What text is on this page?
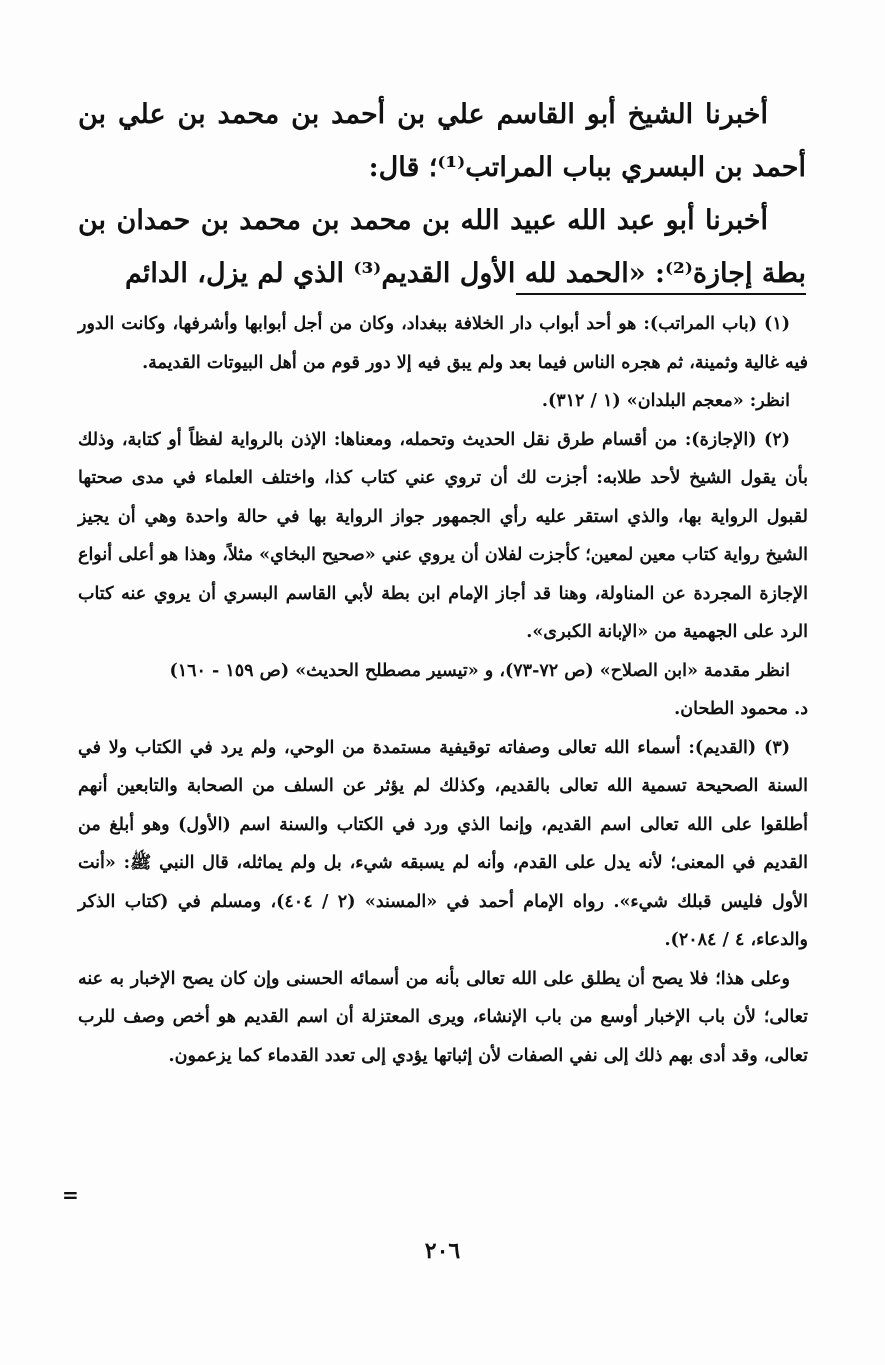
أخبرنا الشيخ أبو القاسم علي بن أحمد بن محمد بن علي بن أحمد بن البسري بباب المراتب⁽¹⁾؛ قال:

أخبرنا أبو عبد الله عبيد الله بن محمد بن محمد بن حمدان بن بطة إجازة⁽²⁾: «الحمد لله الأول القديم⁽³⁾ الذي لم يزل، الدائم

(١) (باب المراتب): هو أحد أبواب دار الخلافة ببغداد، وكان من أجل أبوابها وأشرفها، وكانت الدور فيه غالية وثمينة، ثم هجره الناس فيما بعد ولم يبق فيه إلا دور قوم من أهل البيوتات القديمة.

انظر: «معجم البلدان» (١ / ٣١٢).

(٢) (الإجازة): من أقسام طرق نقل الحديث وتحمله، ومعناها: الإذن بالرواية لفظاً أو كتابة، وذلك بأن يقول الشيخ لأحد طلابه: أجزت لك أن تروي عني كتاب كذا، واختلف العلماء في مدى صحتها لقبول الرواية بها، والذي استقر عليه رأي الجمهور جواز الرواية بها في حالة واحدة وهي أن يجيز الشيخ رواية كتاب معين لمعين؛ كأجزت لفلان أن يروي عني «صحيح البخاي» مثلاً، وهذا هو أعلى أنواع الإجازة المجردة عن المناولة، وهنا قد أجاز الإمام ابن بطة لأبي القاسم البسري أن يروي عنه كتاب الرد على الجهمية من «الإبانة الكبرى».

انظر مقدمة «ابن الصلاح» (ص ٧٢-٧٣)، و «تيسير مصطلح الحديث» (ص ١٥٩ - ١٦٠)

د. محمود الطحان.

(٣) (القديم): أسماء الله تعالى وصفاته توقيفية مستمدة من الوحي، ولم يرد في الكتاب ولا في السنة الصحيحة تسمية الله تعالى بالقديم، وكذلك لم يؤثر عن السلف من الصحابة والتابعين أنهم أطلقوا على الله تعالى اسم القديم، وإنما الذي ورد في الكتاب والسنة اسم (الأول) وهو أبلغ من القديم في المعنى؛ لأنه يدل على القدم، وأنه لم يسبقه شيء، بل ولم يماثله، قال النبي ﷺ: «أنت الأول فليس قبلك شيء». رواه الإمام أحمد في «المسند» (٢ / ٤٠٤)، ومسلم في (كتاب الذكر والدعاء، ٤ / ٢٠٨٤).

وعلى هذا؛ فلا يصح أن يطلق على الله تعالى بأنه من أسمائه الحسنى وإن كان يصح الإخبار به عنه تعالى؛ لأن باب الإخبار أوسع من باب الإنشاء، ويرى المعتزلة أن اسم القديم هو أخص وصف للرب تعالى، وقد أدى بهم ذلك إلى نفي الصفات لأن إثباتها يؤدي إلى تعدد القدماء كما يزعمون.

=
٢٠٦
